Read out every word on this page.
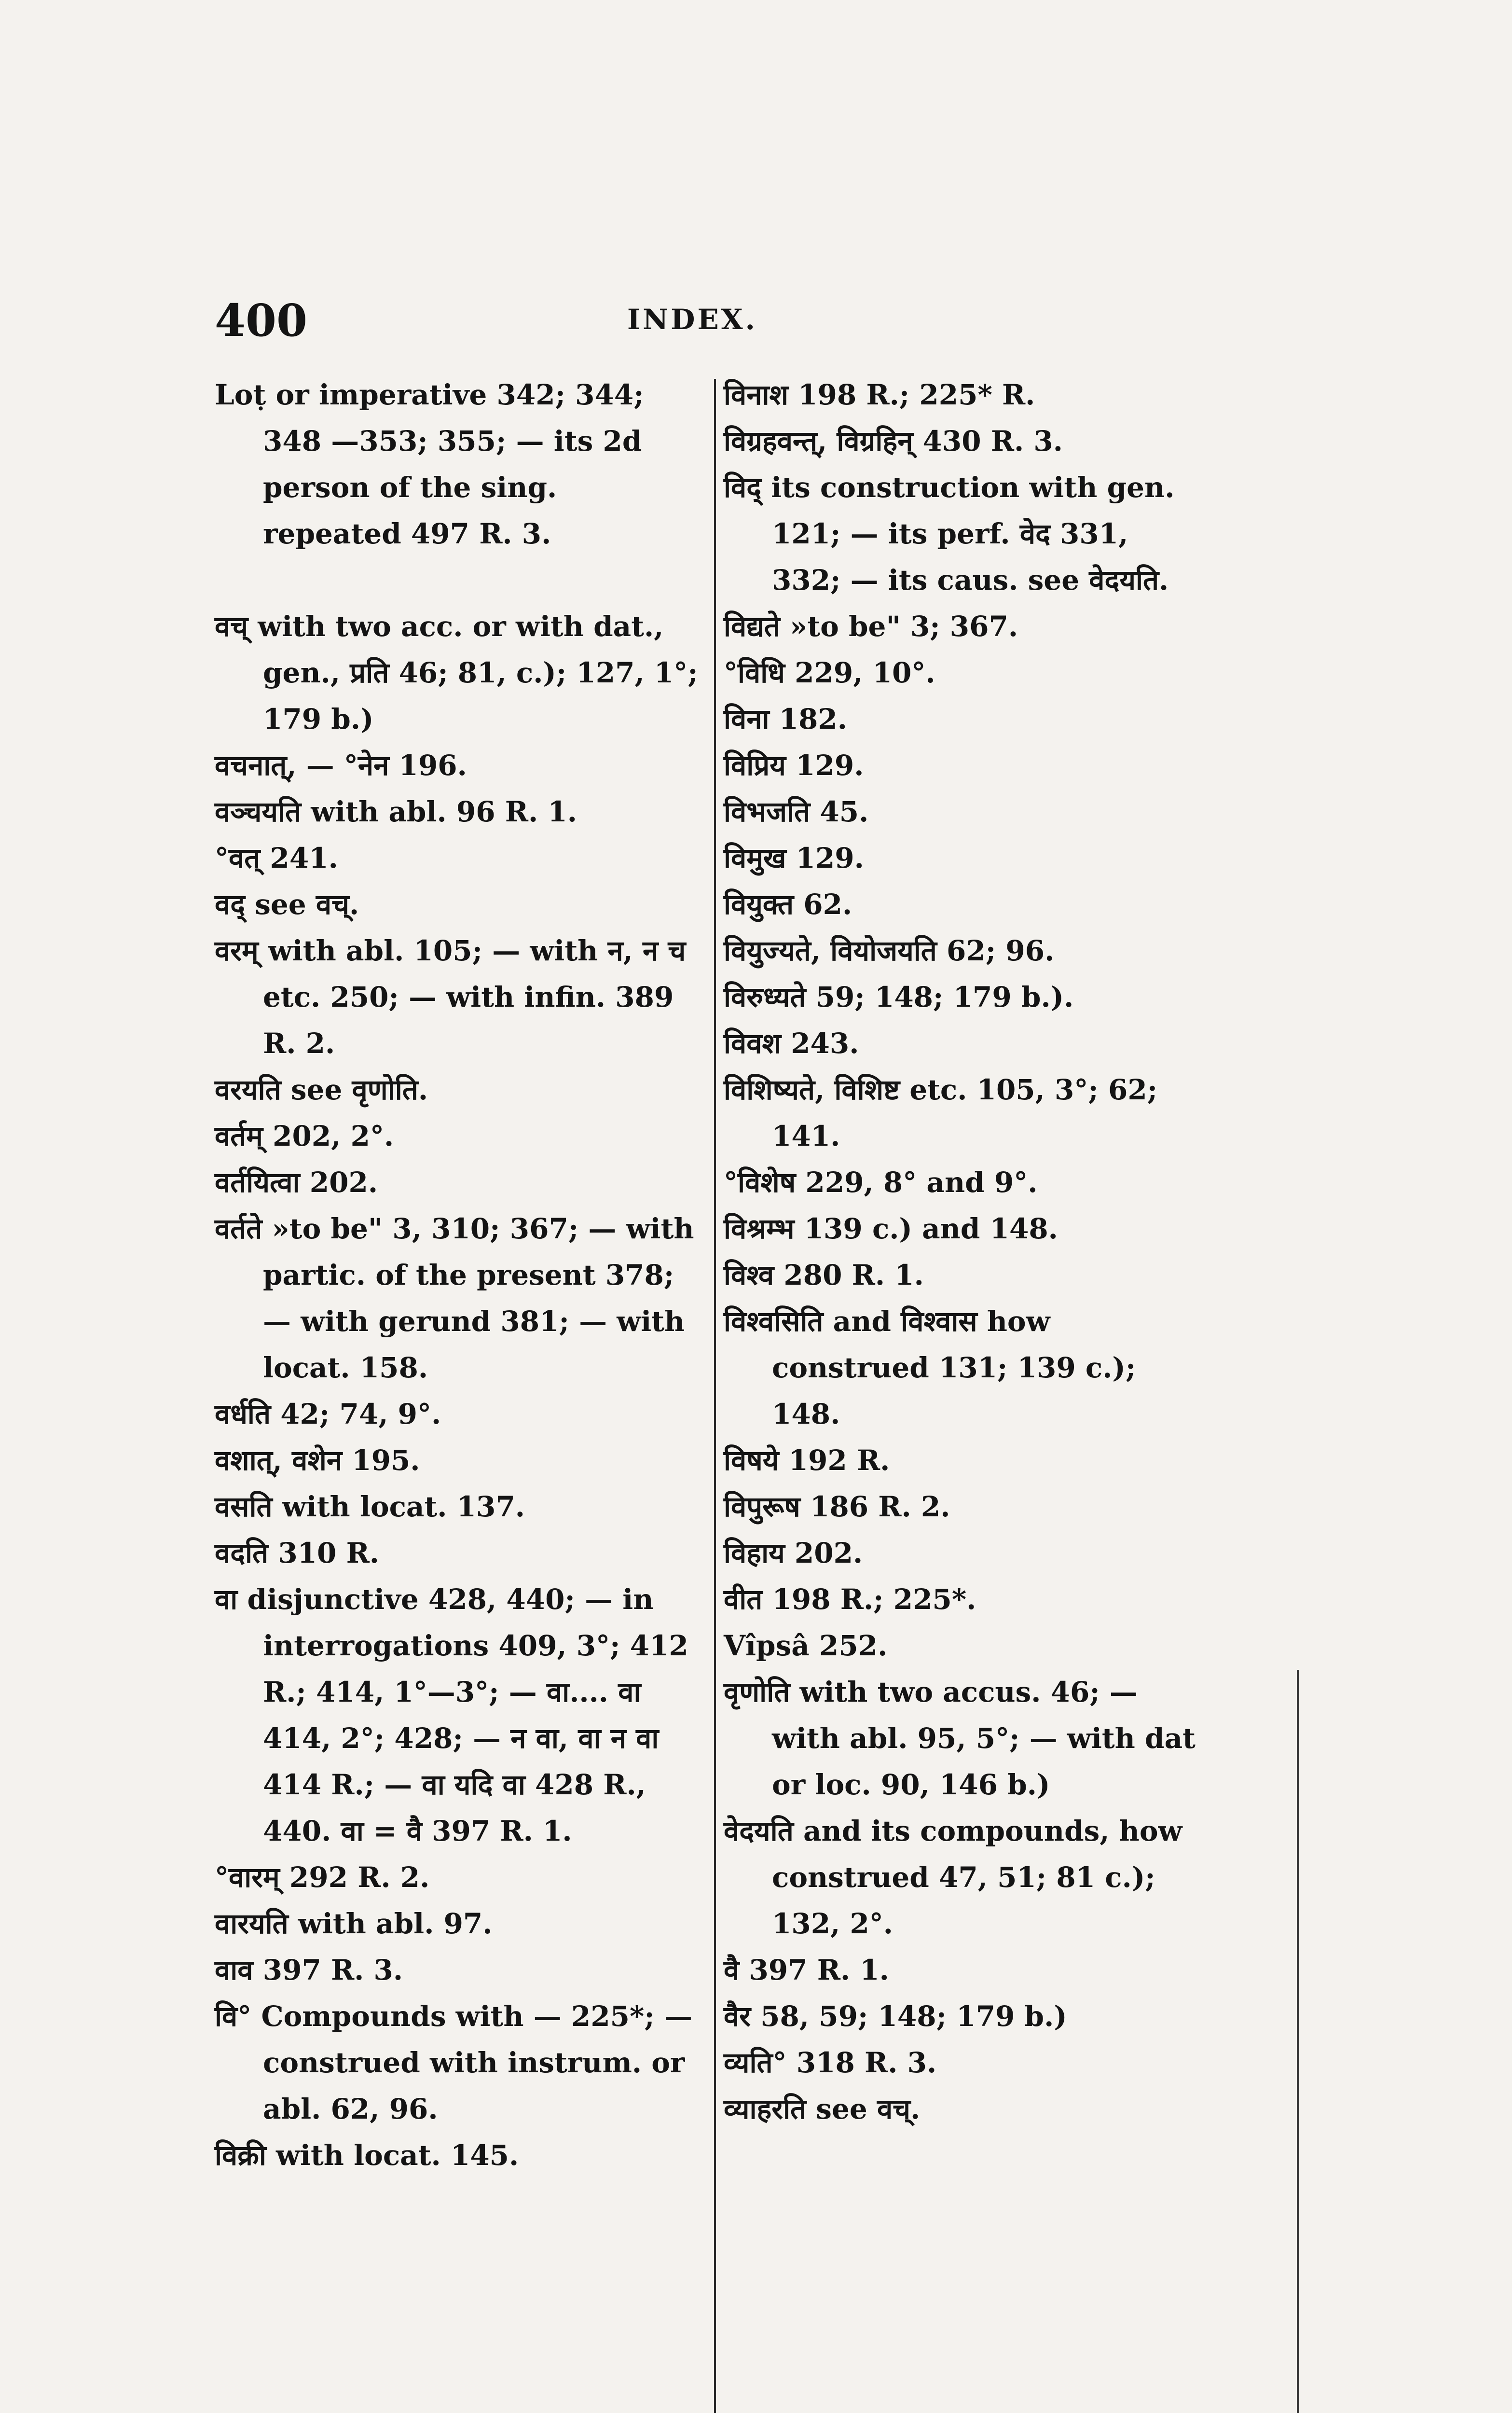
400	INDEX.

Loṭ or imperative 342; 344; 348 —353; 355; — its 2d person of the sing. repeated 497 R. 3.

वच् with two acc. or with dat., gen., प्रति 46; 81, c.); 127, 1°; 179 b.)

वचनात्, — °नेन 196.

वञ्चयति with abl. 96 R. 1.

°वत् 241.

वद् see वच्.

वरम् with abl. 105; — with न, न च etc. 250; — with infin. 389 R. 2.

वरयति see वृणोति.

वर्तम् 202, 2°.

वर्तयित्वा 202.

वर्तते »to be" 3, 310; 367; — with partic. of the present 378; — with gerund 381; — with locat. 158.

वर्धति 42; 74, 9°.

वशात्, वशेन 195.

वसति with locat. 137.

वदति 310 R.

वा disjunctive 428, 440; — in interrogations 409, 3°; 412 R.; 414, 1°—3°; — वा.... वा 414, 2°; 428; — न वा, वा न वा 414 R.; — वा यदि वा 428 R., 440. वा = वै 397 R. 1.

°वारम् 292 R. 2.

वारयति with abl. 97.

वाव 397 R. 3.

वि° Compounds with — 225*; — construed with instrum. or abl. 62, 96.

विक्री with locat. 145.

विनाश 198 R.; 225* R.

विग्रहवन्त्, विग्रहिन् 430 R. 3.

विद् its construction with gen. 121; — its perf. वेद 331, 332; — its caus. see वेदयति.

विद्यते »to be" 3; 367.

°विधि 229, 10°.

विना 182.

विप्रिय 129.

विभजति 45.

विमुख 129.

वियुक्त 62.

वियुज्यते, वियोजयति 62; 96.

विरुध्यते 59; 148; 179 b.).

विवश 243.

विशिष्यते, विशिष्ट etc. 105, 3°; 62; 141.

°विशेष 229, 8° and 9°.

विश्रम्भ 139 c.) and 148.

विश्व 280 R. 1.

विश्वसिति and विश्वास how construed 131; 139 c.); 148.

विषये 192 R.

विपुरूष 186 R. 2.

विहाय 202.

वीत 198 R.; 225*.

Vîpsâ 252.

वृणोति with two accus. 46; — with abl. 95, 5°; — with dat or loc. 90, 146 b.)

वेदयति and its compounds, how construed 47, 51; 81 c.); 132, 2°.

वै 397 R. 1.

वैर 58, 59; 148; 179 b.)

व्यति° 318 R. 3.

व्याहरति see वच्.
